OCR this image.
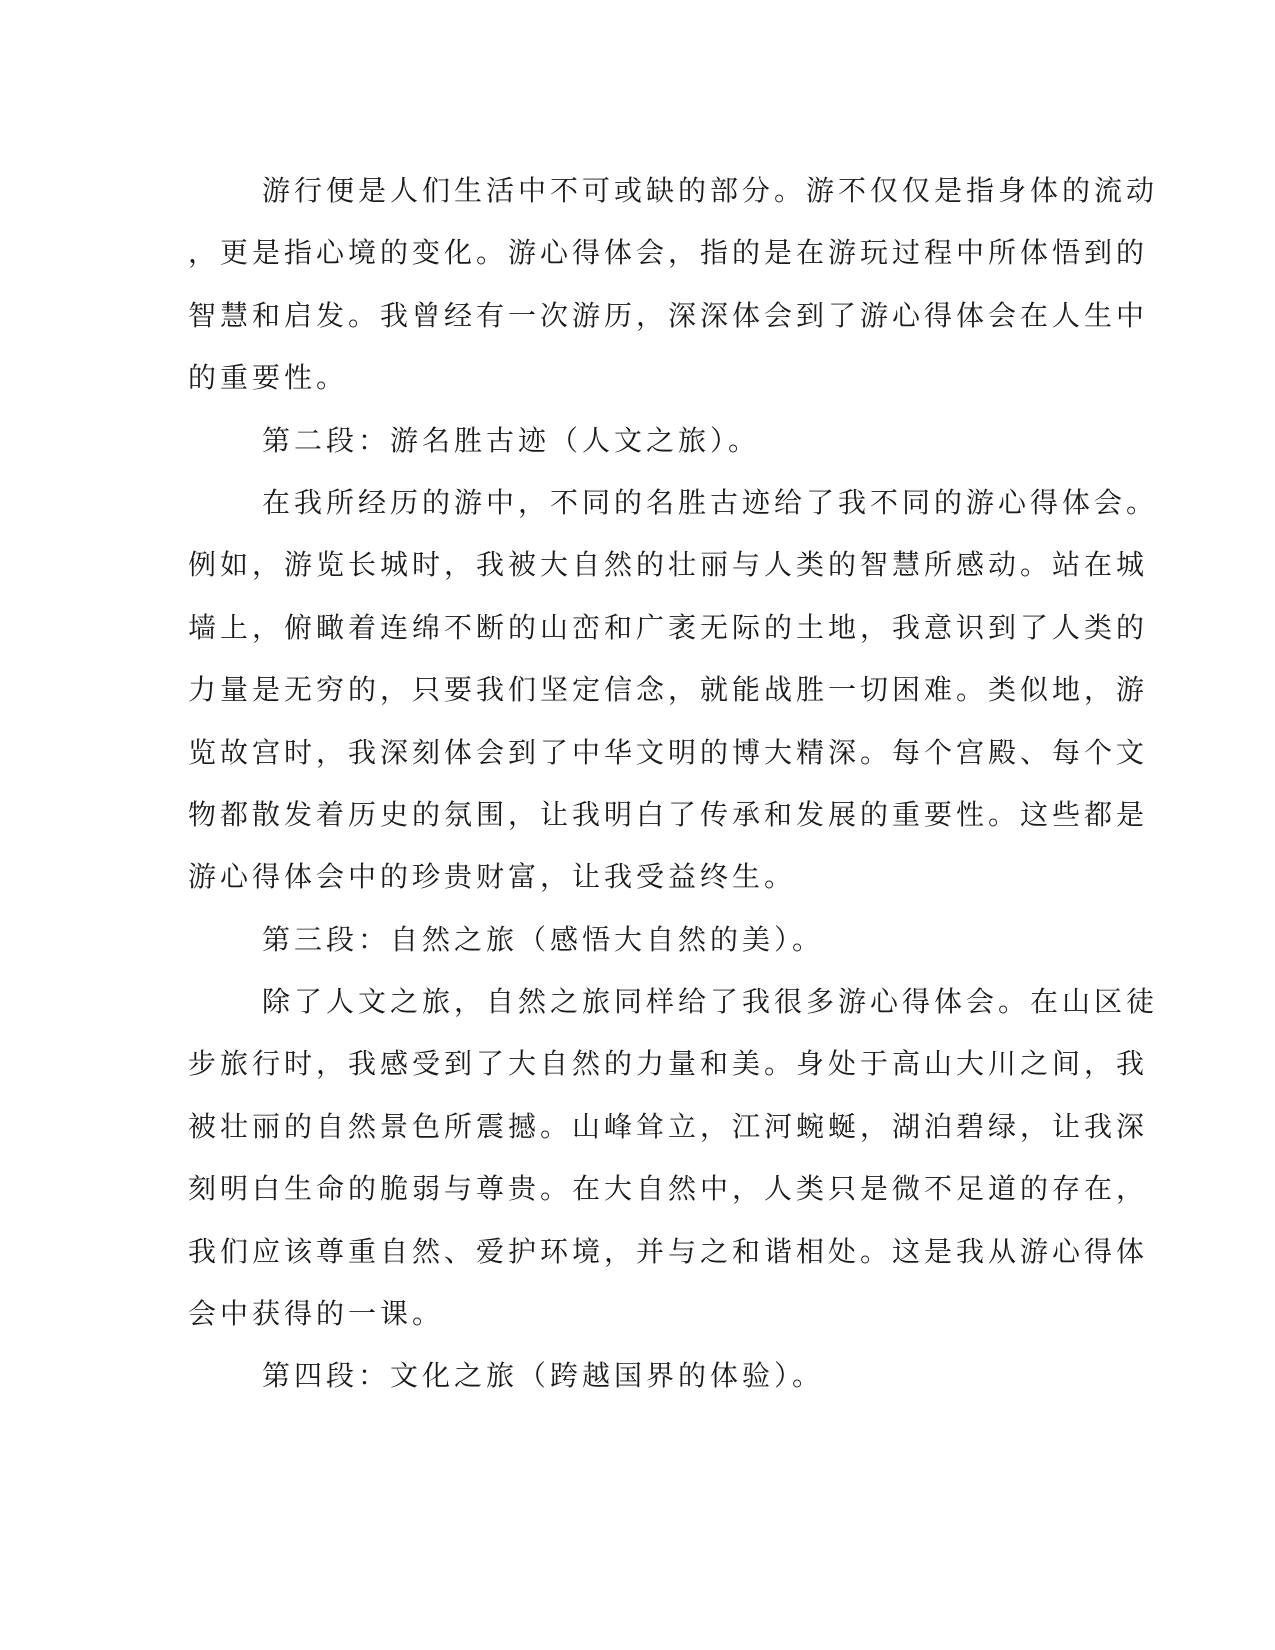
游行便是人们生活中不可或缺的部分。游不仅仅是指身体的流动
，更是指心境的变化。游心得体会，指的是在游玩过程中所体悟到的
智慧和启发。我曾经有一次游历，深深体会到了游心得体会在人生中
的重要性。
第二段：游名胜古迹（人文之旅）。
在我所经历的游中，不同的名胜古迹给了我不同的游心得体会。
例如，游览长城时，我被大自然的壮丽与人类的智慧所感动。站在城
墙上，俯瞰着连绵不断的山峦和广袤无际的土地，我意识到了人类的
力量是无穷的，只要我们坚定信念，就能战胜一切困难。类似地，游
览故宫时，我深刻体会到了中华文明的博大精深。每个宫殿、每个文
物都散发着历史的氛围，让我明白了传承和发展的重要性。这些都是
游心得体会中的珍贵财富，让我受益终生。
第三段：自然之旅（感悟大自然的美）。
除了人文之旅，自然之旅同样给了我很多游心得体会。在山区徒
步旅行时，我感受到了大自然的力量和美。身处于高山大川之间，我
被壮丽的自然景色所震撼。山峰耸立，江河蜿蜒，湖泊碧绿，让我深
刻明白生命的脆弱与尊贵。在大自然中，人类只是微不足道的存在，
我们应该尊重自然、爱护环境，并与之和谐相处。这是我从游心得体
会中获得的一课。
第四段：文化之旅（跨越国界的体验）。
